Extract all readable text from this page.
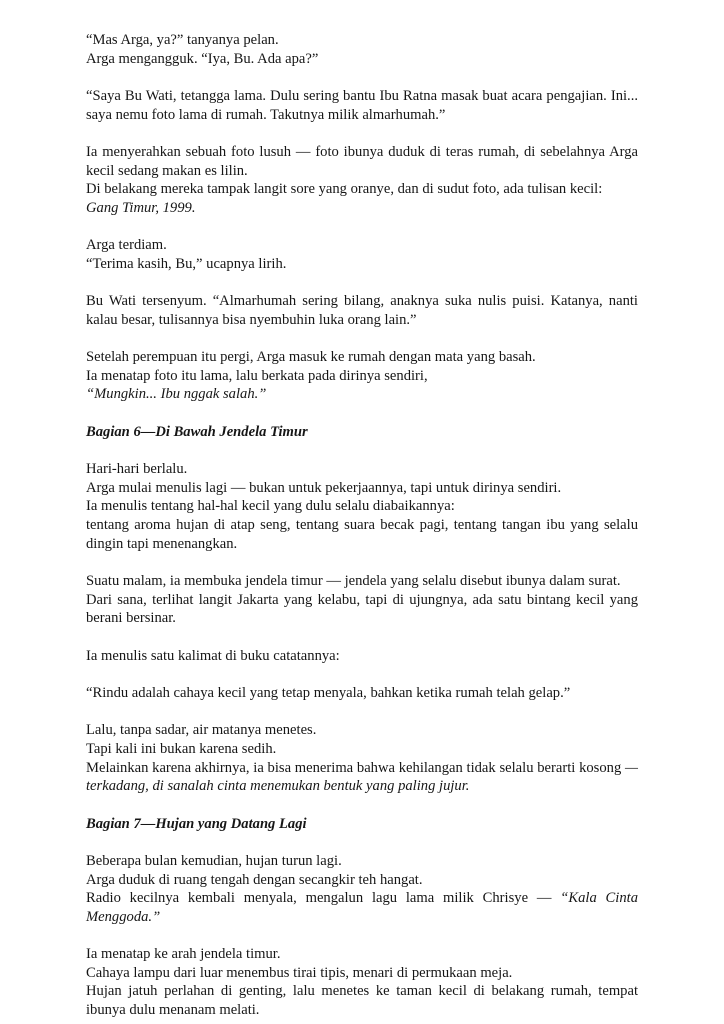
“Mas Arga, ya?” tanyanya pelan.
Arga mengangguk. “Iya, Bu. Ada apa?”
“Saya Bu Wati, tetangga lama. Dulu sering bantu Ibu Ratna masak buat acara pengajian. Ini... saya nemu foto lama di rumah. Takutnya milik almarhumah.”
Ia menyerahkan sebuah foto lusuh — foto ibunya duduk di teras rumah, di sebelahnya Arga kecil sedang makan es lilin.
Di belakang mereka tampak langit sore yang oranye, dan di sudut foto, ada tulisan kecil:
Gang Timur, 1999.
Arga terdiam.
“Terima kasih, Bu,” ucapnya lirih.
Bu Wati tersenyum. “Almarhumah sering bilang, anaknya suka nulis puisi. Katanya, nanti kalau besar, tulisannya bisa nyembuhin luka orang lain.”
Setelah perempuan itu pergi, Arga masuk ke rumah dengan mata yang basah.
Ia menatap foto itu lama, lalu berkata pada dirinya sendiri,
“Mungkin... Ibu nggak salah.”
Bagian 6—Di Bawah Jendela Timur
Hari-hari berlalu.
Arga mulai menulis lagi — bukan untuk pekerjaannya, tapi untuk dirinya sendiri.
Ia menulis tentang hal-hal kecil yang dulu selalu diabaikannya:
tentang aroma hujan di atap seng, tentang suara becak pagi, tentang tangan ibu yang selalu dingin tapi menenangkan.
Suatu malam, ia membuka jendela timur — jendela yang selalu disebut ibunya dalam surat.
Dari sana, terlihat langit Jakarta yang kelabu, tapi di ujungnya, ada satu bintang kecil yang berani bersinar.
Ia menulis satu kalimat di buku catatannya:
“Rindu adalah cahaya kecil yang tetap menyala, bahkan ketika rumah telah gelap.”
Lalu, tanpa sadar, air matanya menetes.
Tapi kali ini bukan karena sedih.
Melainkan karena akhirnya, ia bisa menerima bahwa kehilangan tidak selalu berarti kosong — terkadang, di sanalah cinta menemukan bentuk yang paling jujur.
Bagian 7—Hujan yang Datang Lagi
Beberapa bulan kemudian, hujan turun lagi.
Arga duduk di ruang tengah dengan secangkir teh hangat.
Radio kecilnya kembali menyala, mengalun lagu lama milik Chrisye — “Kala Cinta Menggoda.”
Ia menatap ke arah jendela timur.
Cahaya lampu dari luar menembus tirai tipis, menari di permukaan meja.
Hujan jatuh perlahan di genting, lalu menetes ke taman kecil di belakang rumah, tempat ibunya dulu menanam melati.
